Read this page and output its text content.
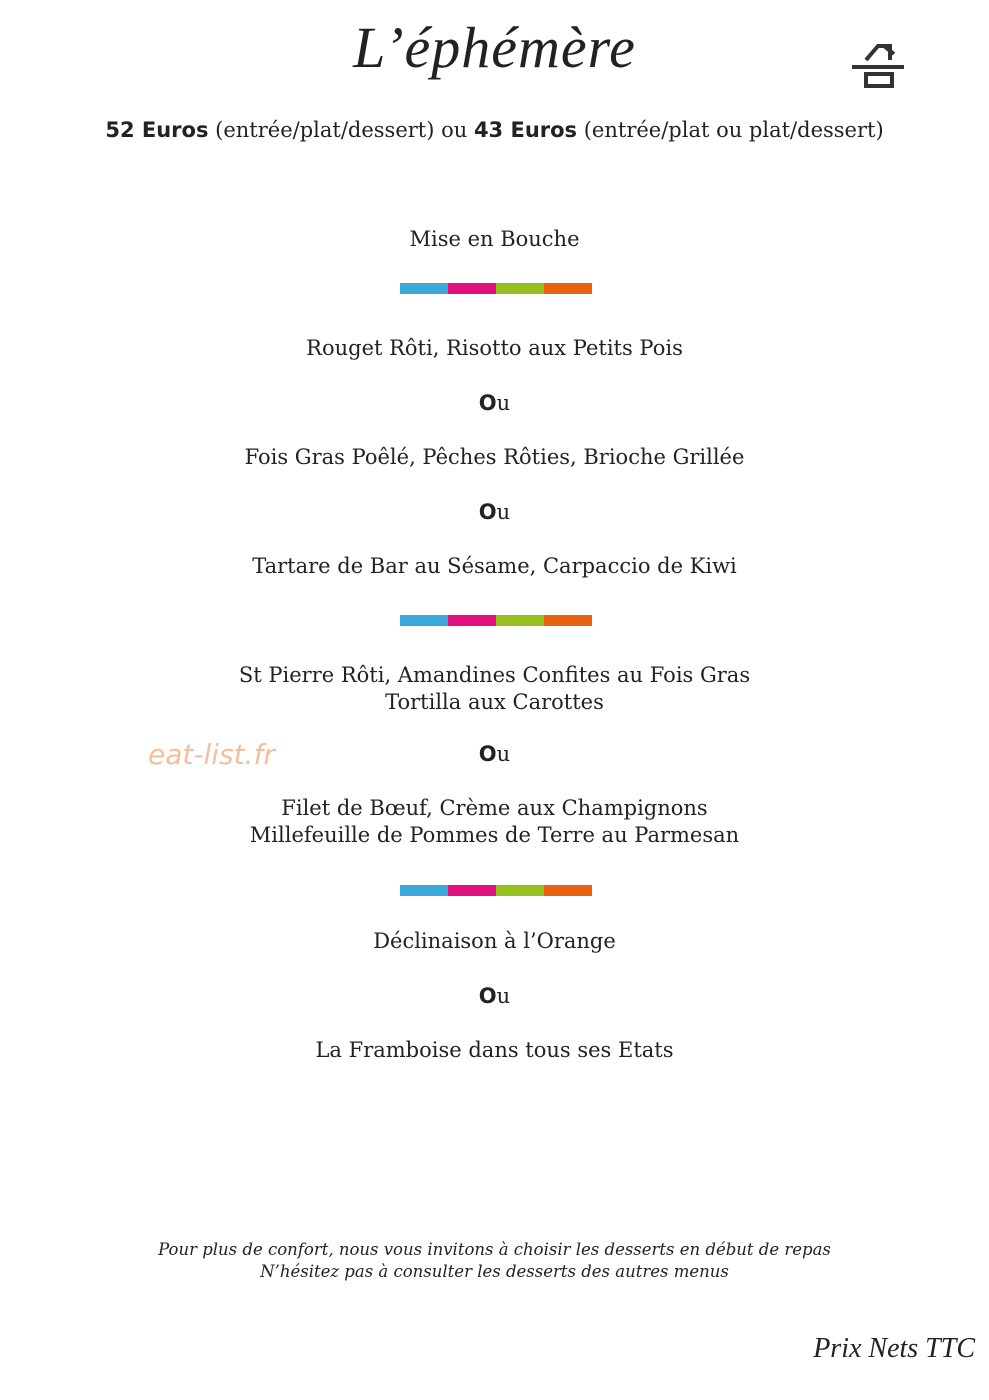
L’éphémère
52 Euros (entrée/plat/dessert) ou 43 Euros (entrée/plat ou plat/dessert)
Mise en Bouche
Rouget Rôti, Risotto aux Petits Pois
Ou
Fois Gras Poêlé, Pêches Rôties, Brioche Grillée
Ou
Tartare de Bar au Sésame, Carpaccio de Kiwi
St Pierre Rôti, Amandines Confites au Fois Gras
Tortilla aux Carottes
Ou
Filet de Bœuf, Crème aux Champignons
Millefeuille de Pommes de Terre au Parmesan
eat-list.fr
Déclinaison à l’Orange
Ou
La Framboise dans tous ses Etats
Pour plus de confort, nous vous invitons à choisir les desserts en début de repas
N’hésitez pas à consulter les desserts des autres menus
Prix Nets TTC
